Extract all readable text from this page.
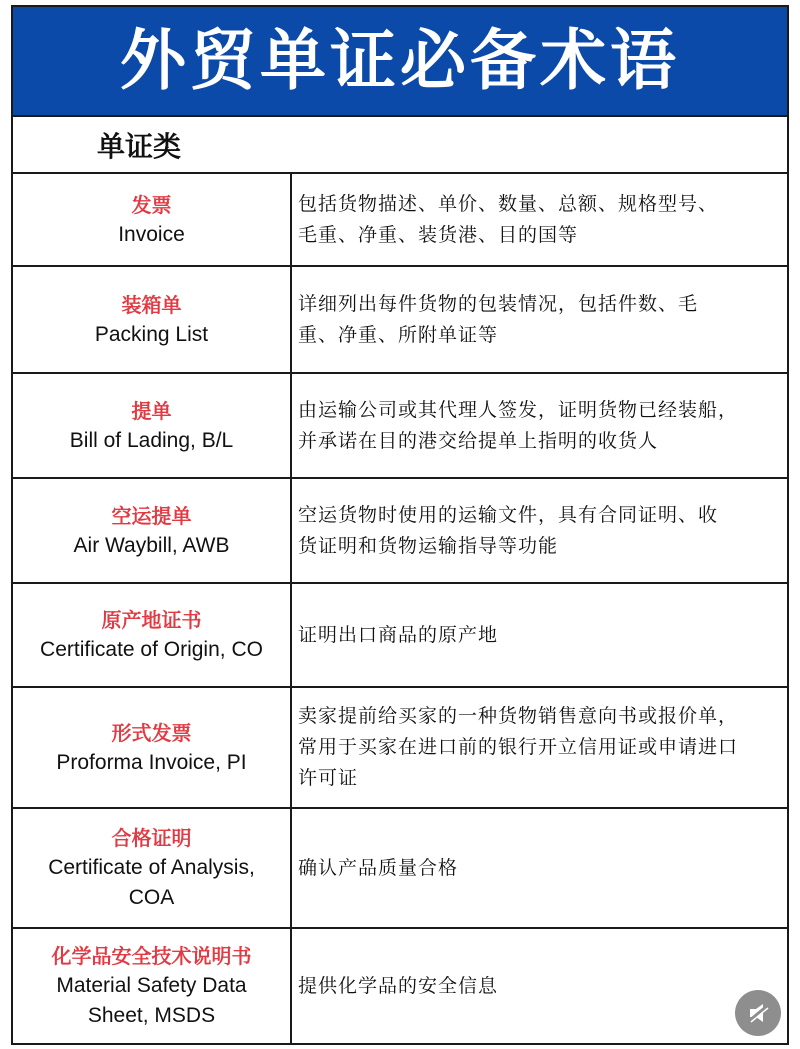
外贸单证必备术语
单证类
发票
Invoice	包括货物描述、单价、数量、总额、规格型号、
毛重、净重、装货港、目的国等

装箱单
Packing List	详细列出每件货物的包装情况，包括件数、毛
重、净重、所附单证等

提单
Bill of Lading, B/L	由运输公司或其代理人签发，证明货物已经装船，
并承诺在目的港交给提单上指明的收货人

空运提单
Air Waybill, AWB	空运货物时使用的运输文件，具有合同证明、收
货证明和货物运输指导等功能

原产地证书
Certificate of Origin, CO	证明出口商品的原产地

形式发票
Proforma Invoice, PI	卖家提前给买家的一种货物销售意向书或报价单，
常用于买家在进口前的银行开立信用证或申请进口
许可证

合格证明
Certificate of Analysis,
COA	确认产品质量合格

化学品安全技术说明书
Material Safety Data
Sheet, MSDS	提供化学品的安全信息
